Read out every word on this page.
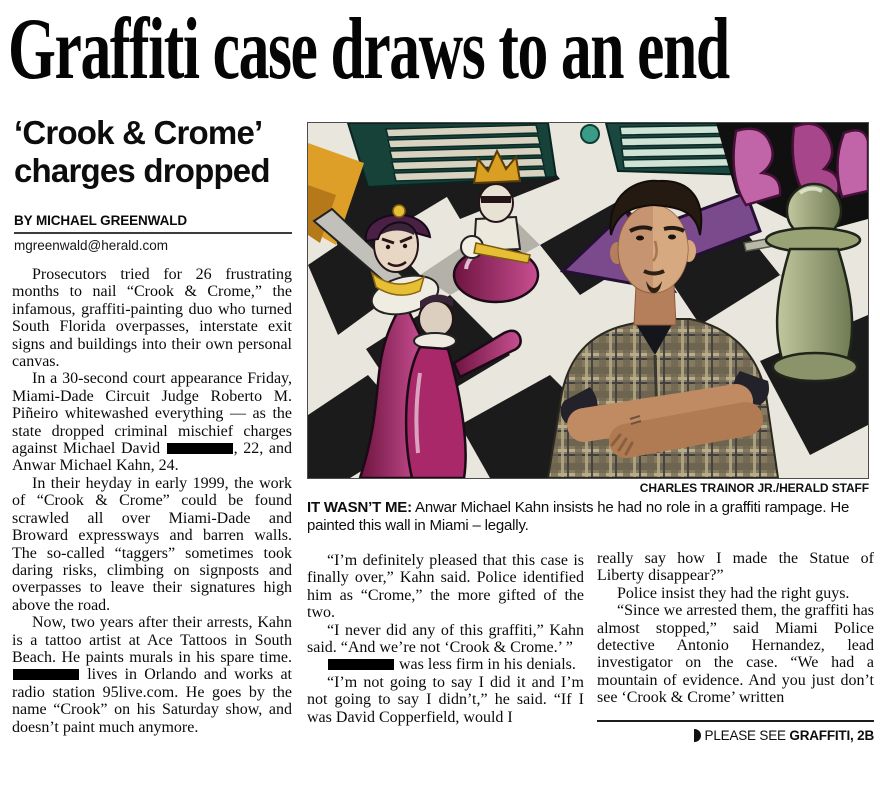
Graffiti case draws to an end
‘Crook & Crome’
charges dropped
BY MICHAEL GREENWALD
mgreenwald@herald.com

Prosecutors tried for 26 frustrating months to nail “Crook & Crome,” the infamous, graffiti-painting duo who turned South Florida overpasses, interstate exit signs and buildings into their own personal canvas.

In a 30-second court appearance Friday, Miami-Dade Circuit Judge Roberto M. Piñeiro whitewashed everything — as the state dropped criminal mischief charges against Michael David	, 22, and Anwar Michael Kahn, 24.

In their heyday in early 1999, the work of “Crook & Crome” could be found scrawled all over Miami-Dade and Broward expressways and barren walls. The so-called “taggers” sometimes took daring risks, climbing on signposts and overpasses to leave their signatures high above the road.

Now, two years after their arrests, Kahn is a tattoo artist at Ace Tattoos in South Beach. He paints murals in his spare time.  lives in Orlando and works at radio station 95live.com. He goes by the name “Crook” on his Saturday show, and doesn’t paint much anymore.

CHARLES TRAINOR JR./HERALD STAFF

IT WASN’T ME: Anwar Michael Kahn insists he had no role in a graffiti rampage. He painted this wall in Miami – legally.

“I’m definitely pleased that this case is finally over,” Kahn said. Police identified him as “Crome,” the more gifted of the two.

“I never did any of this graffiti,” Kahn said. “And we’re not ‘Crook & Crome.’ ”

was less firm in his denials.

“I’m not going to say I did it and I’m not going to say I didn’t,” he said. “If I was David Copperfield, would I

really say how I made the Statue of Liberty disappear?”

Police insist they had the right guys.

“Since we arrested them, the graffiti has almost stopped,” said Miami Police detective Antonio Hernandez, lead investigator on the case. “We had a mountain of evidence. And you just don’t see ‘Crook & Crome’ written

PLEASE SEE GRAFFITI, 2B
